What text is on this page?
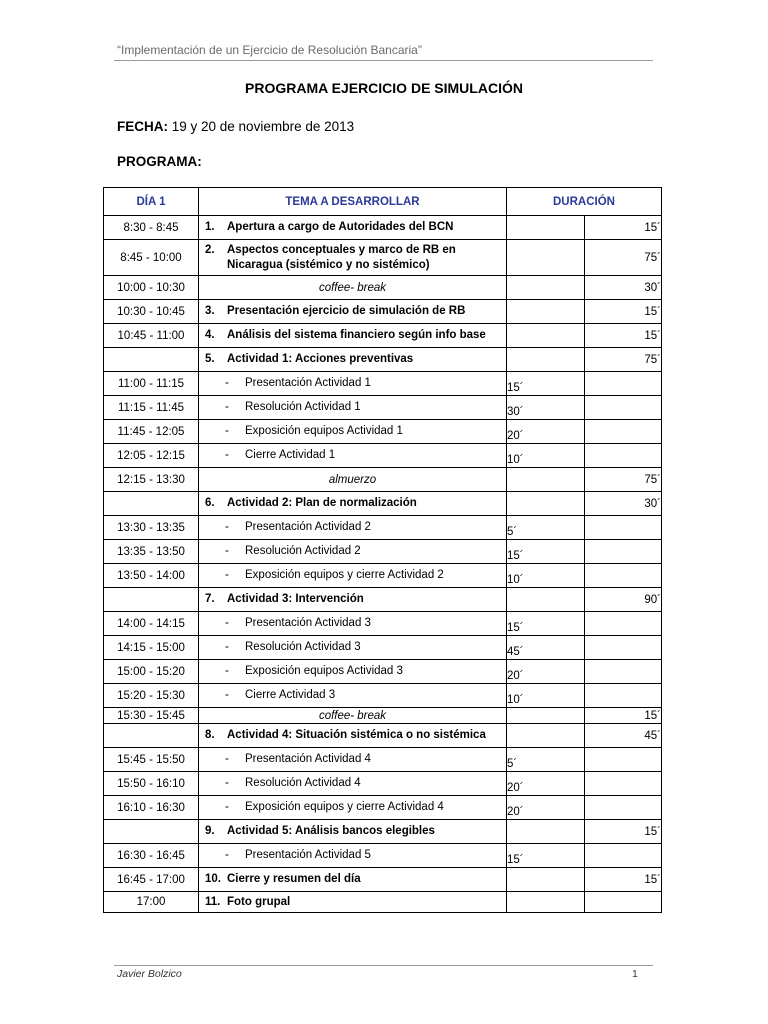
“Implementación de un Ejercicio de Resolución Bancaria”
PROGRAMA EJERCICIO DE SIMULACIÓN
FECHA: 19 y 20 de noviembre de 2013
PROGRAMA:
DÍA 1	TEMA A DESARROLLAR	DURACIÓN	
8:30 - 8:45	1. Apertura a cargo de Autoridades del BCN		15´
8:45 - 10:00	2. Aspectos conceptuales y marco de RB en Nicaragua (sistémico y no sistémico)		75´
10:00 - 10:30	coffee- break		30´
10:30 - 10:45	3. Presentación ejercicio de simulación de RB		15´
10:45 - 11:00	4. Análisis del sistema financiero según info base		15´

	5. Actividad 1: Acciones preventivas		75´
11:00 - 11:15	- Presentación Actividad 1	15´	
11:15 - 11:45	- Resolución Actividad 1	30´	
11:45 - 12:05	- Exposición equipos Actividad 1	20´	
12:05 - 12:15	- Cierre Actividad 1	10´	
12:15 - 13:30	almuerzo		75´

	6. Actividad 2: Plan de normalización		30´
13:30 - 13:35	- Presentación Actividad 2	5´	
13:35 - 13:50	- Resolución Actividad 2	15´	
13:50 - 14:00	- Exposición equipos y cierre Actividad 2	10´	

	7. Actividad 3: Intervención		90´
14:00 - 14:15	- Presentación Actividad 3	15´	
14:15 - 15:00	- Resolución Actividad 3	45´	
15:00 - 15:20	- Exposición equipos Actividad 3	20´	
15:20 - 15:30	- Cierre Actividad 3	10´	
15:30 - 15:45	coffee- break		15´

	8. Actividad 4: Situación sistémica o no sistémica		45´
15:45 - 15:50	- Presentación Actividad 4	5´	
15:50 - 16:10	- Resolución Actividad 4	20´	
16:10 - 16:30	- Exposición equipos y cierre Actividad 4	20´	

	9. Actividad 5: Análisis bancos elegibles		15´
16:30 - 16:45	- Presentación Actividad 5	15´	
16:45 - 17:00	10. Cierre y resumen del día		15´
17:00	11. Foto grupal		

Javier Bolzico	1
